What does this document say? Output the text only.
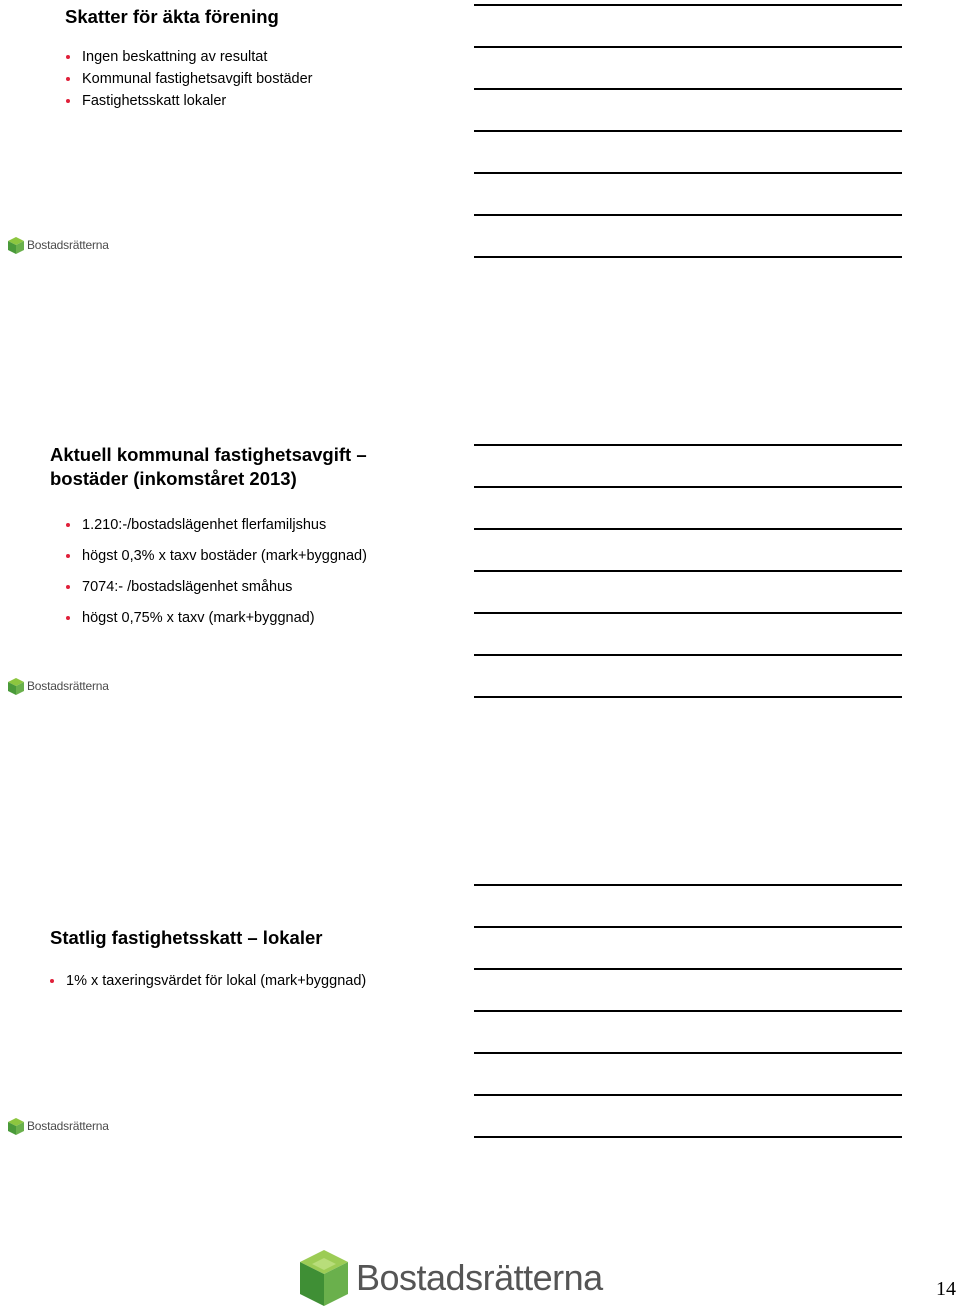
Skatter för äkta förening
Ingen beskattning av resultat
Kommunal fastighetsavgift bostäder
Fastighetsskatt lokaler
Bostadsrätterna
Aktuell kommunal fastighetsavgift –
bostäder (inkomståret 2013)
1.210:-/bostadslägenhet flerfamiljshus
högst 0,3% x taxv bostäder (mark+byggnad)
7074:- /bostadslägenhet småhus
högst 0,75% x taxv (mark+byggnad)
Bostadsrätterna
Statlig fastighetsskatt – lokaler
1% x taxeringsvärdet för lokal (mark+byggnad)
Bostadsrätterna
Bostadsrätterna	14
